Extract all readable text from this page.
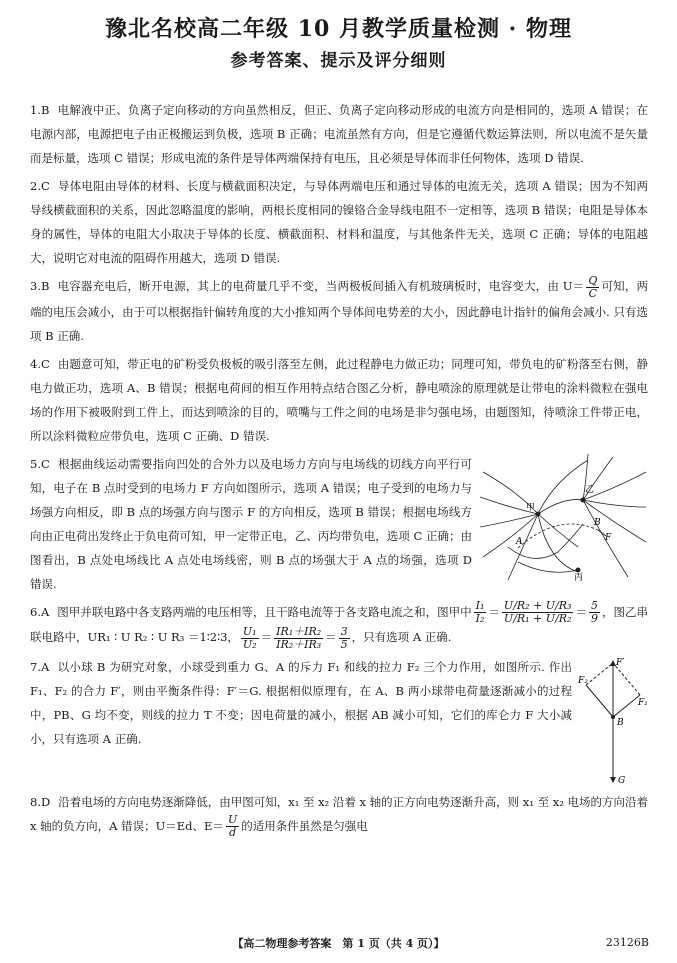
豫北名校高二年级 10 月教学质量检测 · 物理
参考答案、提示及评分细则

1.B 电解液中正、负离子定向移动的方向虽然相反，但正、负离子定向移动形成的电流方向是相同的，选项 A 错误；在电源内部，电源把电子由正极搬运到负极，选项 B 正确；电流虽然有方向，但是它遵循代数运算法则，所以电流不是矢量而是标量，选项 C 错误；形成电流的条件是导体两端保持有电压，且必须是导体而非任何物体，选项 D 错误.

2.C 导体电阻由导体的材料、长度与横截面积决定，与导体两端电压和通过导体的电流无关，选项 A 错误；因为不知两导线横截面积的关系，因此忽略温度的影响，两根长度相同的镍铬合金导线电阻不一定相等，选项 B 错误；电阻是导体本身的属性，导体的电阻大小取决于导体的长度、横截面积、材料和温度，与其他条件无关，选项 C 正确；导体的电阻越大，说明它对电流的阻碍作用越大，选项 D 错误.

3.B 电容器充电后，断开电源，其上的电荷量几乎不变，当两极板间插入有机玻璃板时，电容变大，由 $U= \frac{Q}{C}$ 可知，两端的电压会减小，由于可以根据指针偏转角度的大小推知两个导体间电势差的大小，因此静电计指针的偏角会减小. 只有选项 B 正确.

4.C 由题意可知，带正电的矿粉受负极板的吸引落至左侧，此过程静电力做正功；同理可知，带负电的矿粉落至右侧，静电力做正功，选项 A、B 错误；根据电荷间的相互作用特点结合图乙分析，静电喷涂的原理就是让带电的涂料微粒在强电场的作用下被吸附到工件上，而达到喷涂的目的，喷嘴与工件之间的电场是非匀强电场，由题图知，待喷涂工件带正电，所以涂料微粒应带负电，选项 C 正确、D 错误.

5.C 根据曲线运动需要指向凹处的合外力以及电场力方向与电场线的切线方向平行可知，电子在 B 点时受到的电场力 F 方向如图所示，选项 A 错误；电子受到的电场力与场强方向相反，即 B 点的场强方向与图示 F 的方向相反，选项 B 错误；根据电场线方向由正电荷出发终止于负电荷可知，甲一定带正电，乙、丙均带负电，选项 C 正确；由图看出，B 点处电场线比 A 点处电场线密，则 B 点的场强大于 A 点的场强，选项 D 错误.

甲
乙
丙
A
B
F

6.A 图甲并联电路中各支路两端的电压相等，且干路电流等于各支路电流之和，图甲中 $\frac{\text{I₁}}{\text{I₂}} = \frac{\text{U/R₂ + U/R₃}}{\text{U/R₁ + U/R₂}} = \frac{5}{9}$ ，图乙串联电路中，UR₁ ∶ U R₂ ∶ U R₃ ＝1∶2∶3， $\frac{\text{U₁}}{\text{U₂}} = \frac{\text{IR₁＋IR₂}}{\text{IR₂＋IR₃}} = \frac{3}{5}$ ，只有选项 A 正确.

7.A 以小球 B 为研究对象，小球受到重力 G、A 的斥力 F₁ 和线的拉力 F₂ 三个力作用，如图所示. 作出 F₁、F₂ 的合力 F′，则由平衡条件得：F′＝G. 根据相似原理有，在 A、B 两小球带电荷量逐渐减小的过程中，PB、G 均不变，则线的拉力 T 不变；因电荷量的减小，根据 AB 减小可知，它们的库仑力 F 大小减小，只有选项 A 正确.

F′
F₂
F₁
B
G

8.D 沿着电场的方向电势逐渐降低，由甲图可知，x₁ 至 x₂ 沿着 x 轴的正方向电势逐渐升高，则 x₁ 至 x₂ 电场的方向沿着 x 轴的负方向，A 错误；U＝Ed、$E= \frac{U}{d}$ 的适用条件虽然是匀强电

【高二物理参考答案　第 1 页（共 4 页）】	23126B
